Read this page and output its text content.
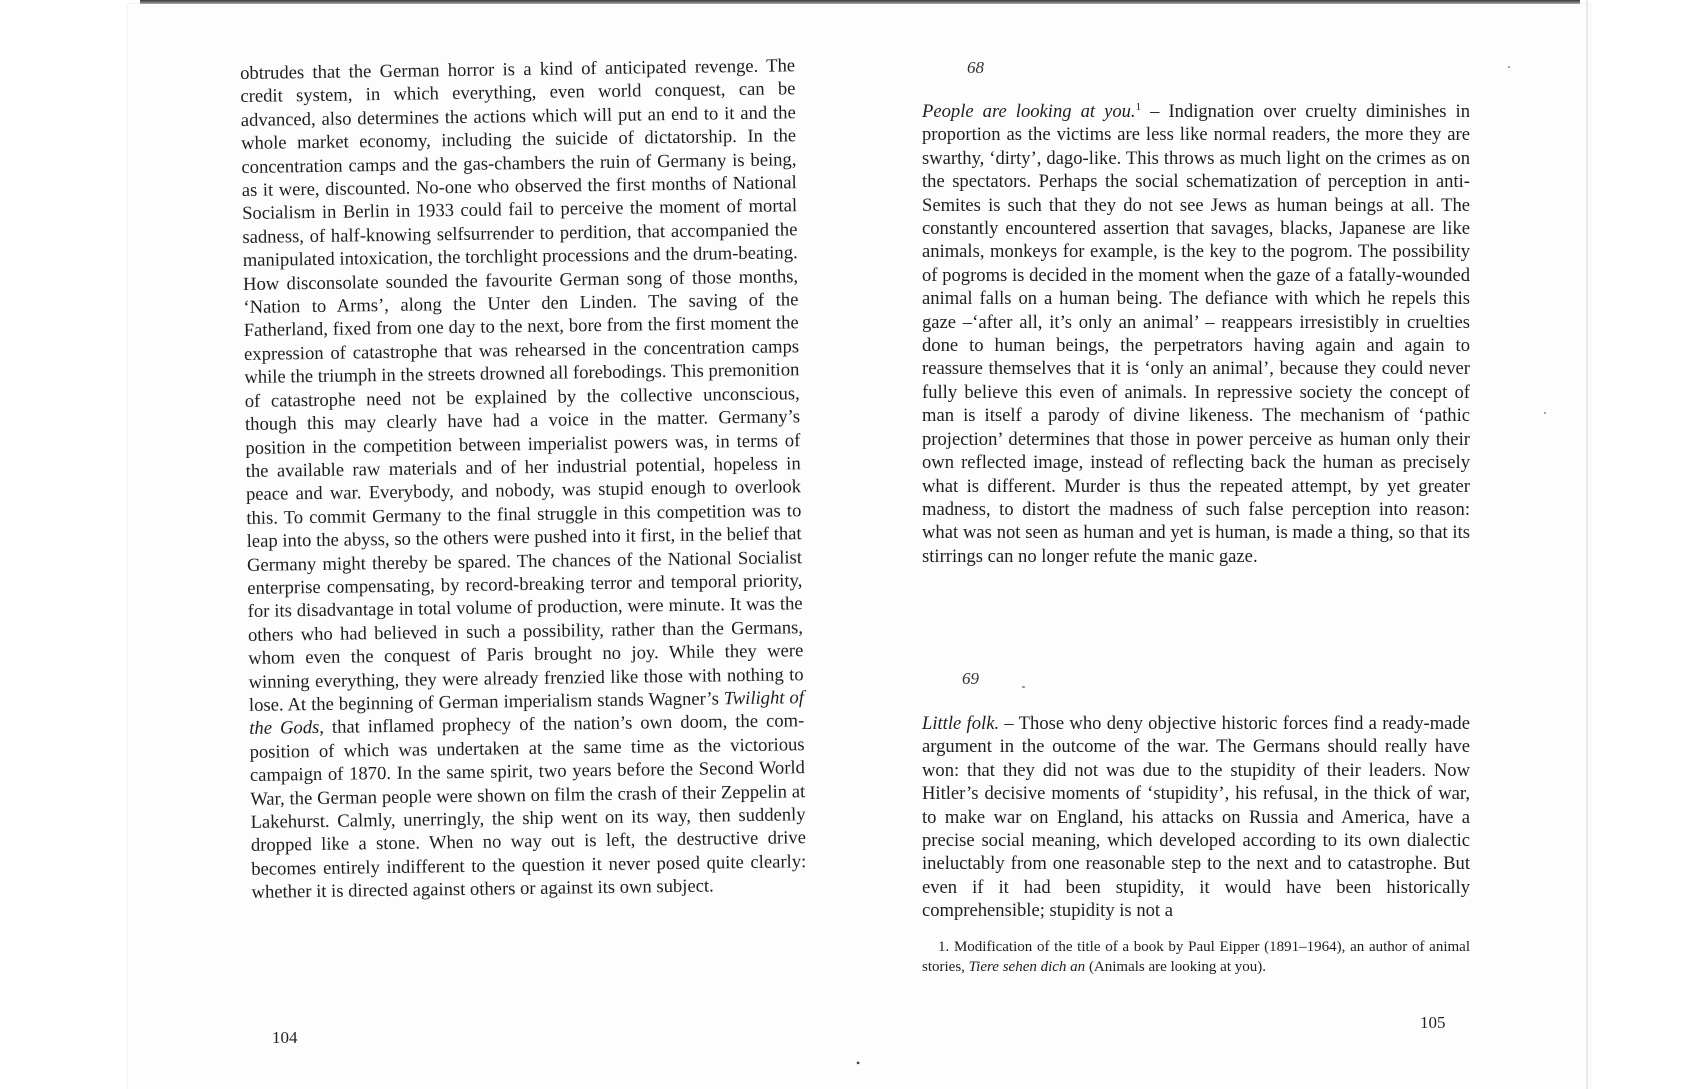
obtrudes that the German horror is a kind of anticipated revenge. The credit system, in which everything, even world conquest, can be advanced, also determines the actions which will put an end to it and the whole market economy, including the suicide of dictatorship. In the concentration camps and the gas-chambers the ruin of Germany is being, as it were, discounted. No-one who observed the first months of National Socialism in Berlin in 1933 could fail to perceive the moment of mortal sadness, of half-knowing selfsurrender to perdition, that accompanied the manipulated intoxication, the torchlight processions and the drum-beating. How disconsolate sounded the favourite German song of those months, ‘Nation to Arms’, along the Unter den Linden. The saving of the Fatherland, fixed from one day to the next, bore from the first moment the expression of catastrophe that was rehearsed in the concentration camps while the triumph in the streets drowned all forebodings. This premonition of catastrophe need not be explained by the collective unconscious, though this may clearly have had a voice in the matter. Germany’s position in the competition between imperialist powers was, in terms of the available raw materials and of her industrial potential, hopeless in peace and war. Everybody, and nobody, was stupid enough to overlook this. To commit Germany to the final struggle in this competition was to leap into the abyss, so the others were pushed into it first, in the belief that Germany might thereby be spared. The chances of the National Socialist enterprise compensating, by record-breaking terror and temporal priority, for its disadvantage in total volume of production, were minute. It was the others who had believed in such a possibility, rather than the Germans, whom even the conquest of Paris brought no joy. While they were winning everything, they were already frenzied like those with nothing to lose. At the beginning of German imperialism stands Wagner’s Twilight of the Gods, that inflamed prophecy of the nation’s own doom, the composition of which was undertaken at the same time as the victorious campaign of 1870. In the same spirit, two years before the Second World War, the German people were shown on film the crash of their Zeppelin at Lakehurst. Calmly, unerringly, the ship went on its way, then suddenly dropped like a stone. When no way out is left, the destructive drive becomes entirely indifferent to the question it never posed quite clearly: whether it is directed against others or against its own subject.

104
68

People are looking at you.$^1$ – Indignation over cruelty diminishes in proportion as the victims are less like normal readers, the more they are swarthy, ‘dirty’, dago-like. This throws as much light on the crimes as on the spectators. Perhaps the social schematization of perception in anti-Semites is such that they do not see Jews as human beings at all. The constantly encountered assertion that savages, blacks, Japanese are like animals, monkeys for example, is the key to the pogrom. The possibility of pogroms is decided in the moment when the gaze of a fatally-wounded animal falls on a human being. The defiance with which he repels this gaze –‘after all, it’s only an animal’ – reappears irresistibly in cruelties done to human beings, the perpetrators having again and again to reassure themselves that it is ‘only an animal’, because they could never fully believe this even of animals. In repressive society the concept of man is itself a parody of divine likeness. The mechanism of ‘pathic projection’ determines that those in power perceive as human only their own reflected image, instead of reflecting back the human as precisely what is different. Murder is thus the repeated attempt, by yet greater madness, to distort the madness of such false perception into reason: what was not seen as human and yet is human, is made a thing, so that its stirrings can no longer refute the manic gaze.

69

Little folk. – Those who deny objective historic forces find a ready-made argument in the outcome of the war. The Germans should really have won: that they did not was due to the stupidity of their leaders. Now Hitler’s decisive moments of ‘stupidity’, his refusal, in the thick of war, to make war on England, his attacks on Russia and America, have a precise social meaning, which developed according to its own dialectic ineluctably from one reasonable step to the next and to catastrophe. But even if it had been stupidity, it would have been historically comprehensible; stupidity is not a

1. Modification of the title of a book by Paul Eipper (1891–1964), an author of animal stories, Tiere sehen dich an (Animals are looking at you).
105
•
